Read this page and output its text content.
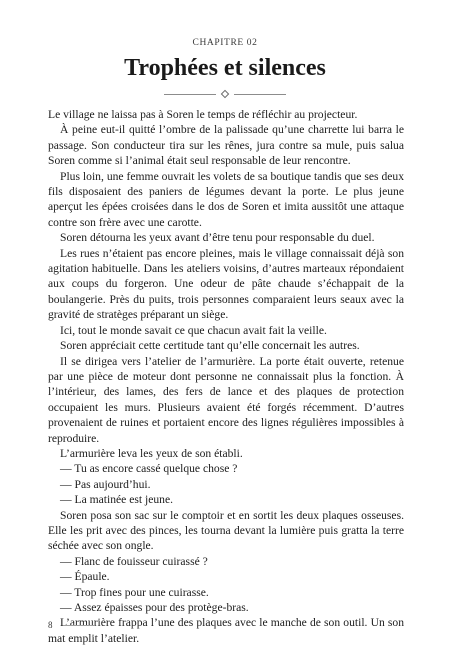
CHAPITRE 02
Trophées et silences

Le village ne laissa pas à Soren le temps de réfléchir au projecteur.

À peine eut-il quitté l’ombre de la palissade qu’une charrette lui barra le passage. Son conducteur tira sur les rênes, jura contre sa mule, puis salua Soren comme si l’animal était seul responsable de leur rencontre.

Plus loin, une femme ouvrait les volets de sa boutique tandis que ses deux fils disposaient des paniers de légumes devant la porte. Le plus jeune aperçut les épées croisées dans le dos de Soren et imita aussitôt une attaque contre son frère avec une carotte.

Soren détourna les yeux avant d’être tenu pour responsable du duel.

Les rues n’étaient pas encore pleines, mais le village connaissait déjà son agitation habituelle. Dans les ateliers voisins, d’autres marteaux répondaient aux coups du forgeron. Une odeur de pâte chaude s’échappait de la boulangerie. Près du puits, trois personnes comparaient leurs seaux avec la gravité de stratèges préparant un siège.

Ici, tout le monde savait ce que chacun avait fait la veille.

Soren appréciait cette certitude tant qu’elle concernait les autres.

Il se dirigea vers l’atelier de l’armurière. La porte était ouverte, retenue par une pièce de moteur dont personne ne connaissait plus la fonction. À l’intérieur, des lames, des fers de lance et des plaques de protection occupaient les murs. Plusieurs avaient été forgés récemment. D’autres provenaient de ruines et portaient encore des lignes régulières impossibles à reproduire.

L’armurière leva les yeux de son établi.

— Tu as encore cassé quelque chose ?

— Pas aujourd’hui.

— La matinée est jeune.

Soren posa son sac sur le comptoir et en sortit les deux plaques osseuses. Elle les prit avec des pinces, les tourna devant la lumière puis gratta la terre séchée avec son ongle.

— Flanc de fouisseur cuirassé ?

— Épaule.

— Trop fines pour une cuirasse.

— Assez épaisses pour des protège-bras.

L’armurière frappa l’une des plaques avec le manche de son outil. Un son mat emplit l’atelier.

8
